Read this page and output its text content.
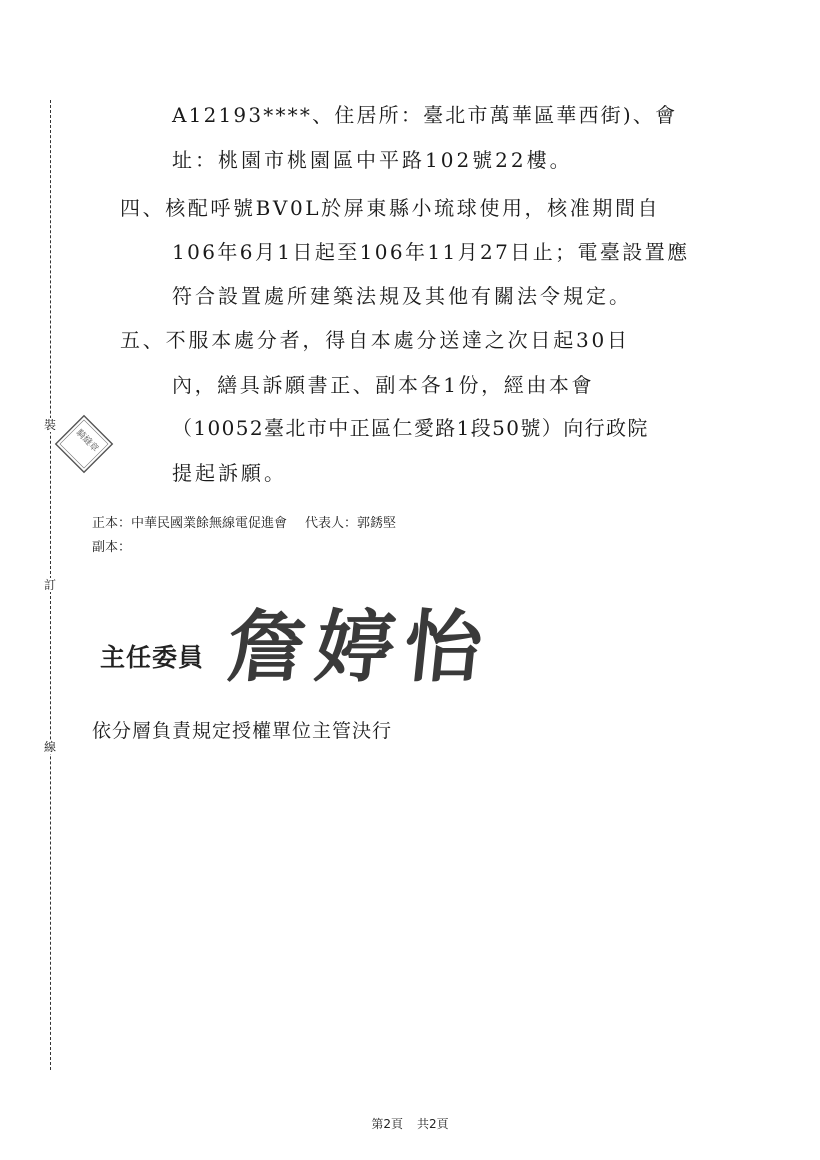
裝
訂
線
騎縫章
A12193****、住居所：臺北市萬華區華西街)、會
址：桃園市桃園區中平路102號22樓。
四、核配呼號BV0L於屏東縣小琉球使用，核准期間自
106年6月1日起至106年11月27日止；電臺設置應
符合設置處所建築法規及其他有關法令規定。
五、不服本處分者，得自本處分送達之次日起30日
內，繕具訴願書正、副本各1份，經由本會
（10052臺北市中正區仁愛路1段50號）向行政院
提起訴願。
正本：中華民國業餘無線電促進會 代表人：郭銹堅
副本：
主任委員 詹婷怡
依分層負責規定授權單位主管決行
第2頁 共2頁
